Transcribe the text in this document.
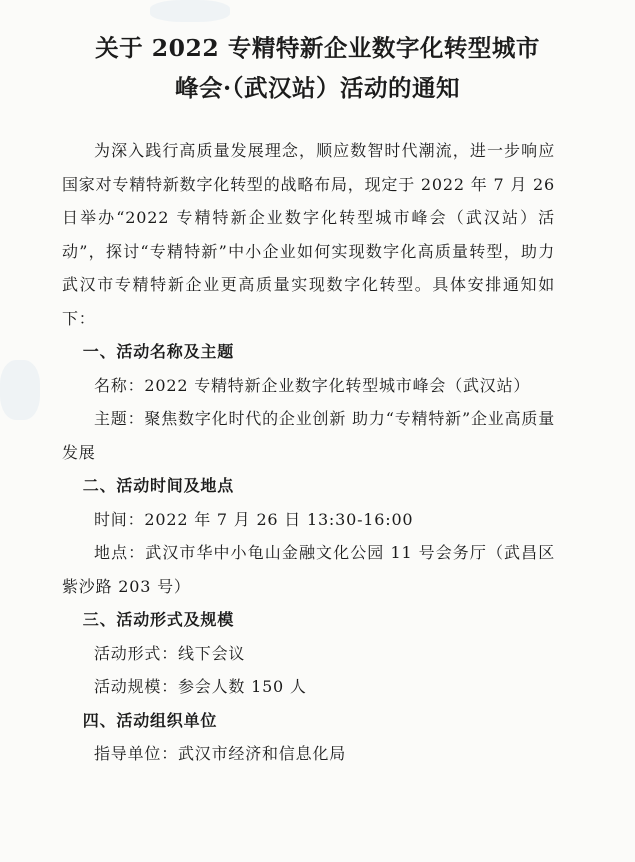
关于 2022 专精特新企业数字化转型城市
峰会·（武汉站）活动的通知

为深入践行高质量发展理念，顺应数智时代潮流，进一步响应国家对专精特新数字化转型的战略布局，现定于 2022 年 7 月 26 日举办“2022 专精特新企业数字化转型城市峰会（武汉站）活动”，探讨“专精特新”中小企业如何实现数字化高质量转型，助力武汉市专精特新企业更高质量实现数字化转型。具体安排通知如下：

一、活动名称及主题

名称：2022 专精特新企业数字化转型城市峰会（武汉站）

主题：聚焦数字化时代的企业创新 助力“专精特新”企业高质量发展

二、活动时间及地点

时间：2022 年 7 月 26 日 13:30-16:00

地点：武汉市华中小龟山金融文化公园 11 号会务厅（武昌区紫沙路 203 号）

三、活动形式及规模

活动形式：线下会议

活动规模：参会人数 150 人

四、活动组织单位

指导单位：武汉市经济和信息化局
